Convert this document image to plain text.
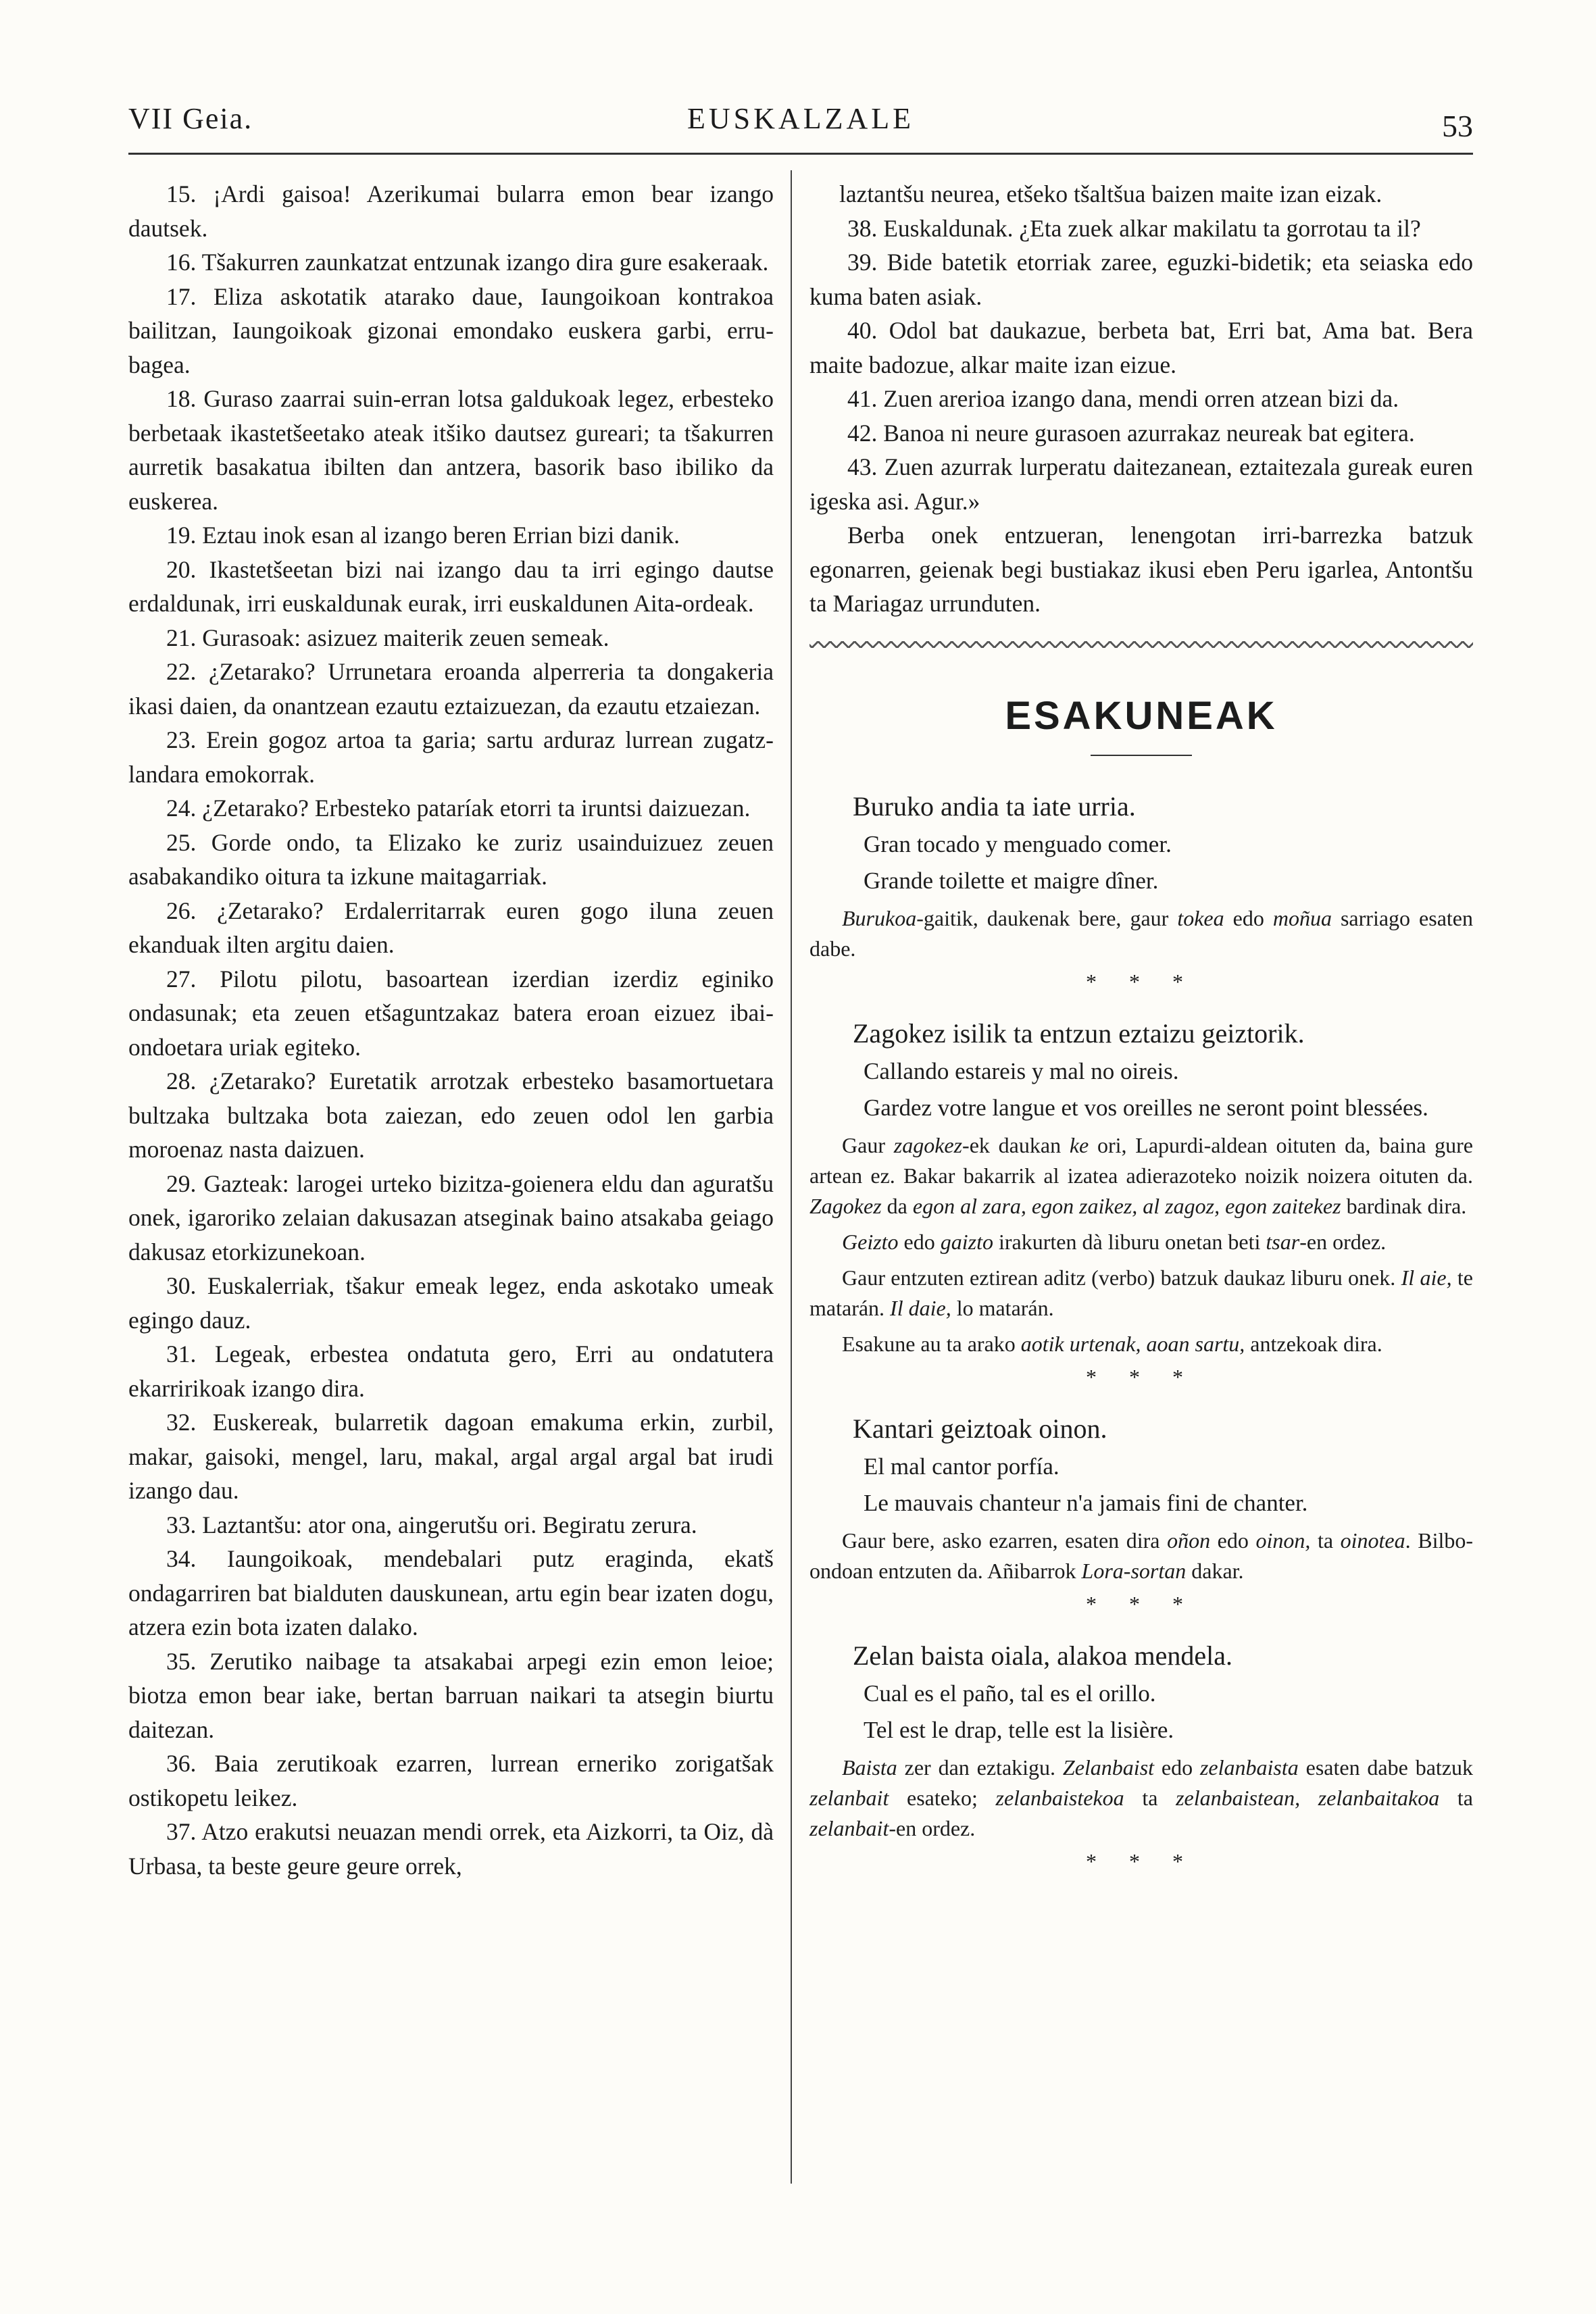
VII Geia.	EUSKALZALE	53

15. ¡Ardi gaisoa! Azerikumai bularra emon bear izango dautsek.

16. Tšakurren zaunkatzat entzunak izango dira gure esakeraak.

17. Eliza askotatik atarako daue, Iaungoikoan kontrakoa bailitzan, Iaungoikoak gizonai emondako euskera garbi, erru-bagea.

18. Guraso zaarrai suin-erran lotsa galdukoak legez, erbesteko berbetaak ikastetšeetako ateak itšiko dautsez gureari; ta tšakurren aurretik basakatua ibilten dan antzera, basorik baso ibiliko da euskerea.

19. Eztau inok esan al izango beren Errian bizi danik.

20. Ikastetšeetan bizi nai izango dau ta irri egingo dautse erdaldunak, irri euskaldunak eurak, irri euskaldunen Aita-ordeak.

21. Gurasoak: asizuez maiterik zeuen semeak.

22. ¿Zetarako? Urrunetara eroanda alperreria ta dongakeria ikasi daien, da onantzean ezautu eztaizuezan, da ezautu etzaiezan.

23. Erein gogoz artoa ta garia; sartu arduraz lurrean zugatz-landara emokorrak.

24. ¿Zetarako? Erbesteko pataríak etorri ta iruntsi daizuezan.

25. Gorde ondo, ta Elizako ke zuriz usainduizuez zeuen asabakandiko oitura ta izkune maitagarriak.

26. ¿Zetarako? Erdalerritarrak euren gogo iluna zeuen ekanduak ilten argitu daien.

27. Pilotu pilotu, basoartean izerdian izerdiz eginiko ondasunak; eta zeuen etšaguntzakaz batera eroan eizuez ibai-ondoetara uriak egiteko.

28. ¿Zetarako? Euretatik arrotzak erbesteko basamortuetara bultzaka bultzaka bota zaiezan, edo zeuen odol len garbia moroenaz nasta daizuen.

29. Gazteak: larogei urteko bizitza-goienera eldu dan aguratšu onek, igaroriko zelaian dakusazan atseginak baino atsakaba geiago dakusaz etorkizunekoan.

30. Euskalerriak, tšakur emeak legez, enda askotako umeak egingo dauz.

31. Legeak, erbestea ondatuta gero, Erri au ondatutera ekarririkoak izango dira.

32. Euskereak, bularretik dagoan emakuma erkin, zurbil, makar, gaisoki, mengel, laru, makal, argal argal argal bat irudi izango dau.

33. Laztantšu: ator ona, aingerutšu ori. Begiratu zerura.

34. Iaungoikoak, mendebalari putz eraginda, ekatš ondagarriren bat bialduten dauskunean, artu egin bear izaten dogu, atzera ezin bota izaten dalako.

35. Zerutiko naibage ta atsakabai arpegi ezin emon leioe; biotza emon bear iake, bertan barruan naikari ta atsegin biurtu daitezan.

36. Baia zerutikoak ezarren, lurrean erneriko zorigatšak ostikopetu leikez.

37. Atzo erakutsi neuazan mendi orrek, eta Aizkorri, ta Oiz, dà Urbasa, ta beste geure geure orrek,

laztantšu neurea, etšeko tšaltšua baizen maite izan eizak.

38. Euskaldunak. ¿Eta zuek alkar makilatu ta gorrotau ta il?

39. Bide batetik etorriak zaree, eguzki-bidetik; eta seiaska edo kuma baten asiak.

40. Odol bat daukazue, berbeta bat, Erri bat, Ama bat. Bera maite badozue, alkar maite izan eizue.

41. Zuen arerioa izango dana, mendi orren atzean bizi da.

42. Banoa ni neure gurasoen azurrakaz neureak bat egitera.

43. Zuen azurrak lurperatu daitezanean, eztaitezala gureak euren igeska asi. Agur.»

Berba onek entzueran, lenengotan irri-barrezka batzuk egonarren, geienak begi bustiakaz ikusi eben Peru igarlea, Antontšu ta Mariagaz urrunduten.

ESAKUNEAK
Buruko andia ta iate urria.
Gran tocado y menguado comer.
Grande toilette et maigre dîner.

Burukoa-gaitik, daukenak bere, gaur tokea edo moñua sarriago esaten dabe.

* * *
Zagokez isilik ta entzun eztaizu geiztorik.
Callando estareis y mal no oireis.
Gardez votre langue et vos oreilles ne seront point blessées.

Gaur zagokez-ek daukan ke ori, Lapurdi-aldean oituten da, baina gure artean ez. Bakar bakarrik al izatea adierazoteko noizik noizera oituten da. Zagokez da egon al zara, egon zaikez, al zagoz, egon zaitekez bardinak dira.

Geizto edo gaizto irakurten dà liburu onetan beti tsar-en ordez.

Gaur entzuten eztirean aditz (verbo) batzuk daukaz liburu onek. Il aie, te matarán. Il daie, lo matarán.

Esakune au ta arako aotik urtenak, aoan sartu, antzekoak dira.

* * *
Kantari geiztoak oinon.
El mal cantor porfía.
Le mauvais chanteur n'a jamais fini de chanter.

Gaur bere, asko ezarren, esaten dira oñon edo oinon, ta oinotea. Bilbo-ondoan entzuten da. Añibarrok Lora-sortan dakar.

* * *
Zelan baista oiala, alakoa mendela.
Cual es el paño, tal es el orillo.
Tel est le drap, telle est la lisière.

Baista zer dan eztakigu. Zelanbaist edo zelanbaista esaten dabe batzuk zelanbait esateko; zelanbaistekoa ta zelanbaistean, zelanbaitakoa ta zelanbait-en ordez.

* * *
